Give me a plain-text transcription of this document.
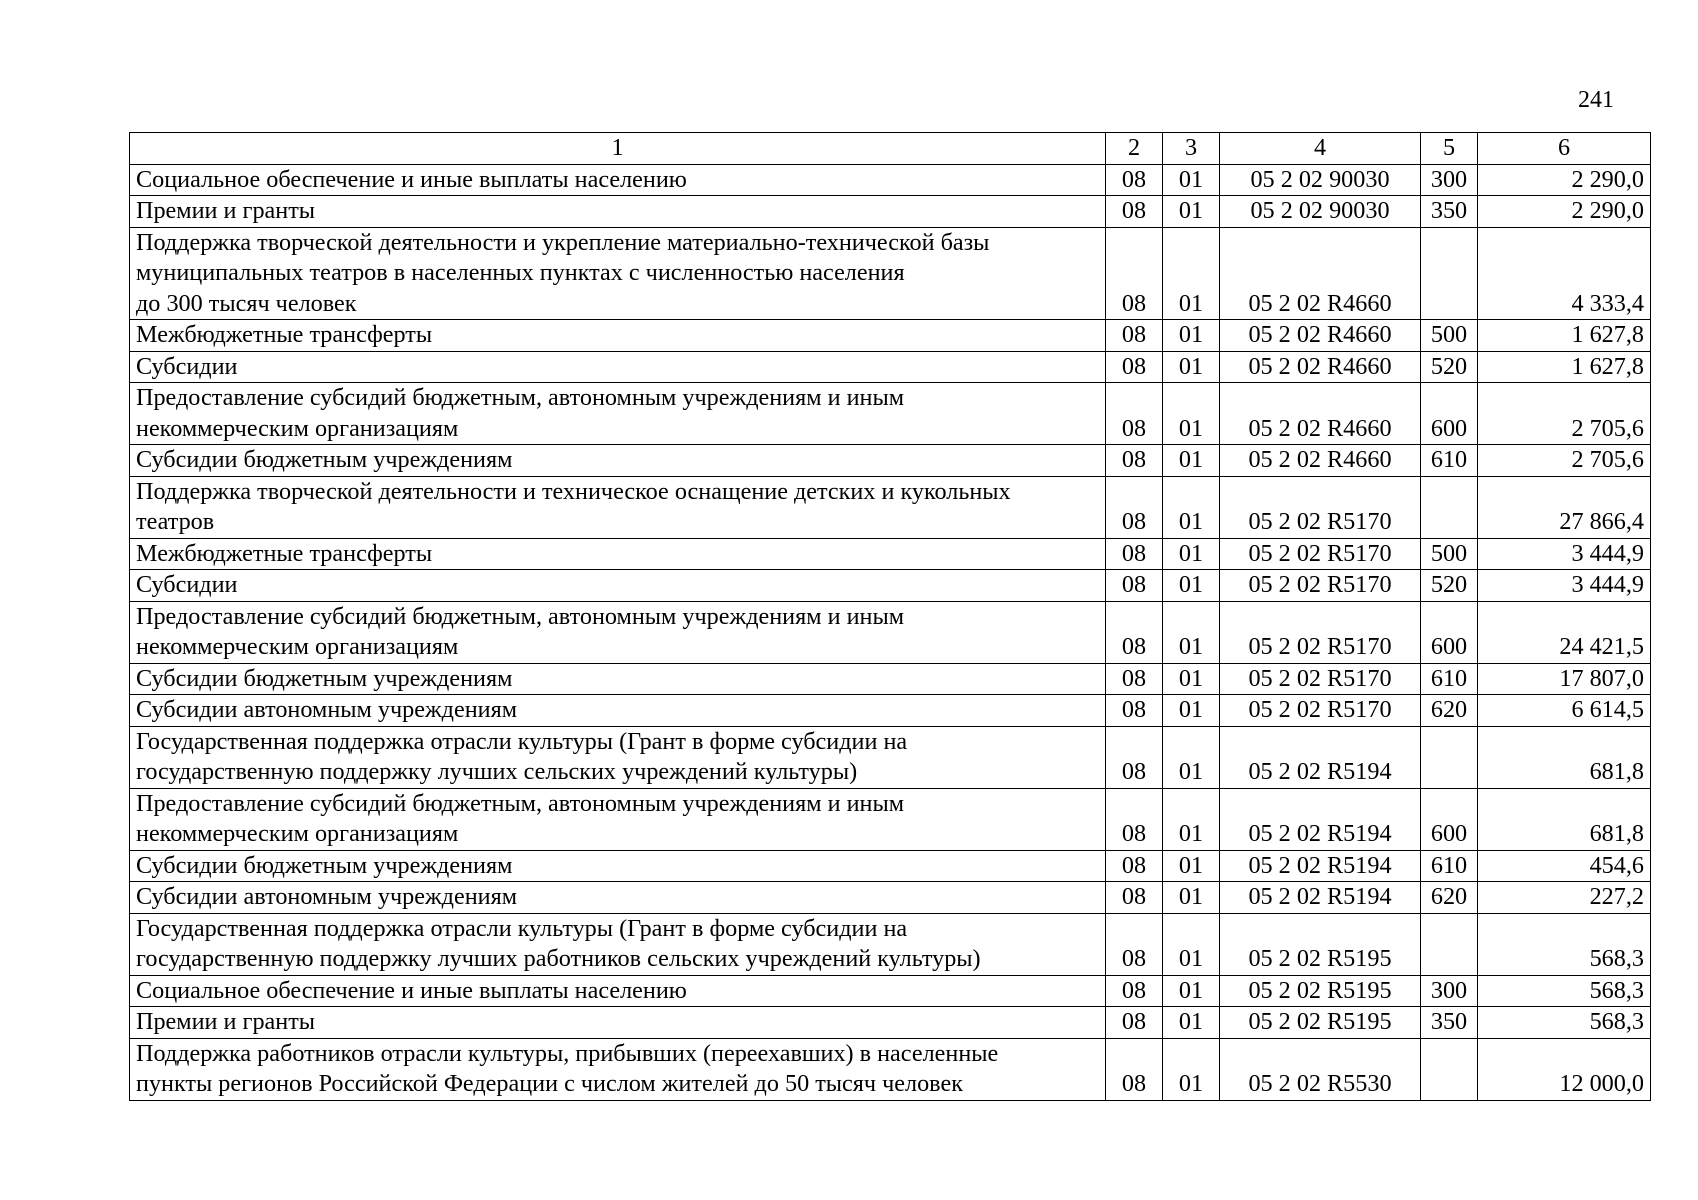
241
1	2	3	4	5	6

Социальное обеспечение и иные выплаты населению	08	01	05 2 02 90030	300	2 290,0

Премии и гранты	08	01	05 2 02 90030	350	2 290,0

Поддержка творческой деятельности и укрепление материально-технической базы
муниципальных театров в населенных пунктах с численностью населения
до 300 тысяч человек	08	01	05 2 02 R4660		4 333,4

Межбюджетные трансферты	08	01	05 2 02 R4660	500	1 627,8

Субсидии	08	01	05 2 02 R4660	520	1 627,8

Предоставление субсидий бюджетным, автономным учреждениям и иным
некоммерческим организациям	08	01	05 2 02 R4660	600	2 705,6

Субсидии бюджетным учреждениям	08	01	05 2 02 R4660	610	2 705,6

Поддержка творческой деятельности и техническое оснащение детских и кукольных
театров	08	01	05 2 02 R5170		27 866,4

Межбюджетные трансферты	08	01	05 2 02 R5170	500	3 444,9

Субсидии	08	01	05 2 02 R5170	520	3 444,9

Предоставление субсидий бюджетным, автономным учреждениям и иным
некоммерческим организациям	08	01	05 2 02 R5170	600	24 421,5

Субсидии бюджетным учреждениям	08	01	05 2 02 R5170	610	17 807,0

Субсидии автономным учреждениям	08	01	05 2 02 R5170	620	6 614,5

Государственная поддержка отрасли культуры (Грант в форме субсидии на
государственную поддержку лучших сельских учреждений культуры)	08	01	05 2 02 R5194		681,8

Предоставление субсидий бюджетным, автономным учреждениям и иным
некоммерческим организациям	08	01	05 2 02 R5194	600	681,8

Субсидии бюджетным учреждениям	08	01	05 2 02 R5194	610	454,6

Субсидии автономным учреждениям	08	01	05 2 02 R5194	620	227,2

Государственная поддержка отрасли культуры (Грант в форме субсидии на
государственную поддержку лучших работников сельских учреждений культуры)	08	01	05 2 02 R5195		568,3

Социальное обеспечение и иные выплаты населению	08	01	05 2 02 R5195	300	568,3

Премии и гранты	08	01	05 2 02 R5195	350	568,3

Поддержка работников отрасли культуры, прибывших (переехавших) в населенные
пункты регионов Российской Федерации с числом жителей до 50 тысяч человек	08	01	05 2 02 R5530		12 000,0
